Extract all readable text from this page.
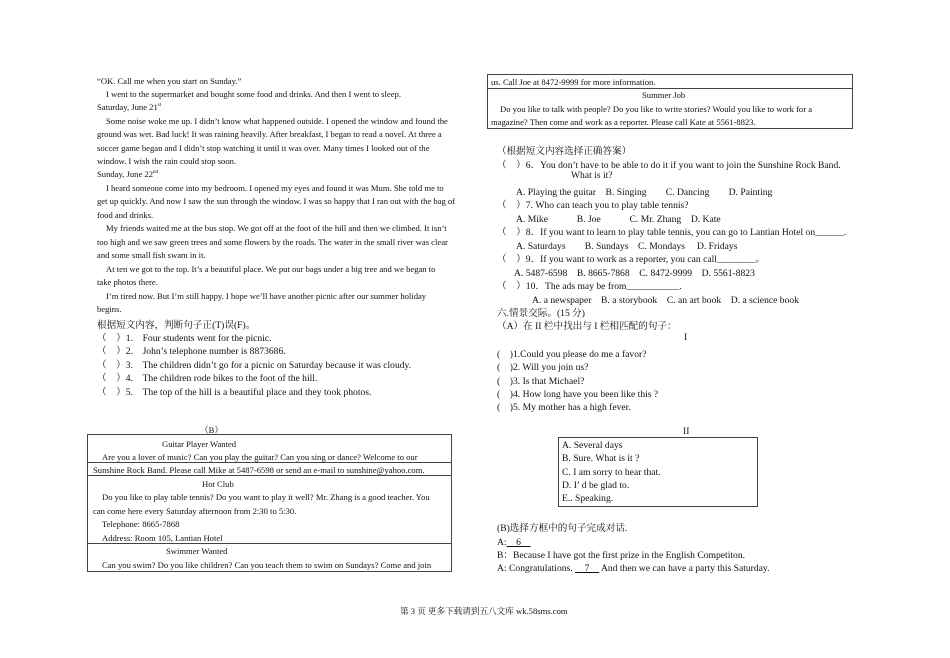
“OK. Call me when you start on Sunday.”
I went to the supermarket and bought some food and drinks. And then I went to sleep.
Saturday, June 21st
Some noise woke me up. I didn’t know what happened outside. I opened the window and found the
ground was wet. Bad luck! It was raining heavily. After breakfast, I began to read a novel. At three a
soccer game began and I didn’t stop watching it until it was over. Many times I looked out of the
window. I wish the rain could stop soon.
Sunday, June 22nd
I heard someone come into my bedroom. I opened my eyes and found it was Mum. She told me to
get up quickly. And now I saw the sun through the window. I was so happy that I ran out with the bag of
food and drinks.
My friends waited me at the bus stop. We got off at the foot of the hill and then we climbed. It isn’t
too high and we saw green trees and some flowers by the roads. The water in the small river was clear
and some small fish swam in it.
At ten we got to the top. It’s a beautiful place. We put our bags under a big tree and we began to
take photos there.
I’m tired now. But I’m still happy. I hope we’ll have another picnic after our summer holiday
begins.
根据短文内容，判断句子正(T)误(F)。
（　）1.　Four students went for the picnic.
（　）2.　John’s telephone number is 8873686.
（　）3.　The children didn’t go for a picnic on Saturday because it was cloudy.
（　）4.　The children rode bikes to the foot of the hill.
（　）5.　The top of the hill is a beautiful place and they took photos.
（B）
Guitar Player Wanted
Are you a lover of music? Can you play the guitar? Can you sing or dance? Welcome to our
Sunshine Rock Band. Please call Mike at 5487-6598 or send an e-mail to sunshine@yahoo.com.
Hot Club
Do you like to play table tennis? Do you want to play it well? Mr. Zhang is a good teacher. You
can come here every Saturday afternoon from 2:30 to 5:30.
Telephone: 8665-7868
Address: Room 105, Lantian Hotel
Swimmer Wanted
Can you swim? Do you like children? Can you teach them to swim on Sundays? Come and join
us. Call Joe at 8472-9999 for more information.
Summer Job
Do you like to talk with people? Do you like to write stories? Would you like to work for a
magazine? Then come and work as a reporter. Please call Kate at 5561-8823.
（根据短文内容选择正确答案）
（　）6．You don’t have to be able to do it if you want to join the Sunshine Rock Band.
What is it?
A. Playing the guitar　B. Singing　　C. Dancing　　D. Painting
（　）7. Who can teach you to play table tennis?
A. Mike　　　B. Joe　　　C. Mr. Zhang　D. Kate
（　）8．If you want to learn to play table tennis, you can go to Lantian Hotel on______.
A. Saturdays　　B. Sundays　C. Mondays　 D. Fridays
（　）9．If you want to work as a reporter, you can call________。
A. 5487-6598　B. 8665-7868　C. 8472-9999　D. 5561-8823
（　）10．The ads may be from___________.
A. a newspaper　B. a storybook　C. an art book　D. a science book
六.情景交际。(15 分)
（A）在 II 栏中找出与 I 栏相匹配的句子：
I
(　)1.Could you please do me a favor?
(　)2. Will you join us?
(　)3. Is that Michael?
(　)4. How long have you been like this ?
(　)5. My mother has a high fever.
II
A. Several days
B. Sure. What is it ?
C. I am sorry to hear that.
D. I’ d be glad to.
E.. Speaking.
(B)选择方框中的句子完成对话.
A:　6　
B：Because I have got the first prize in the English Competiton.
A: Congratulations. 　7　 And then we can have a party this Saturday.
第 3 页 更多下载请到五八文库 wk.58sms.com
